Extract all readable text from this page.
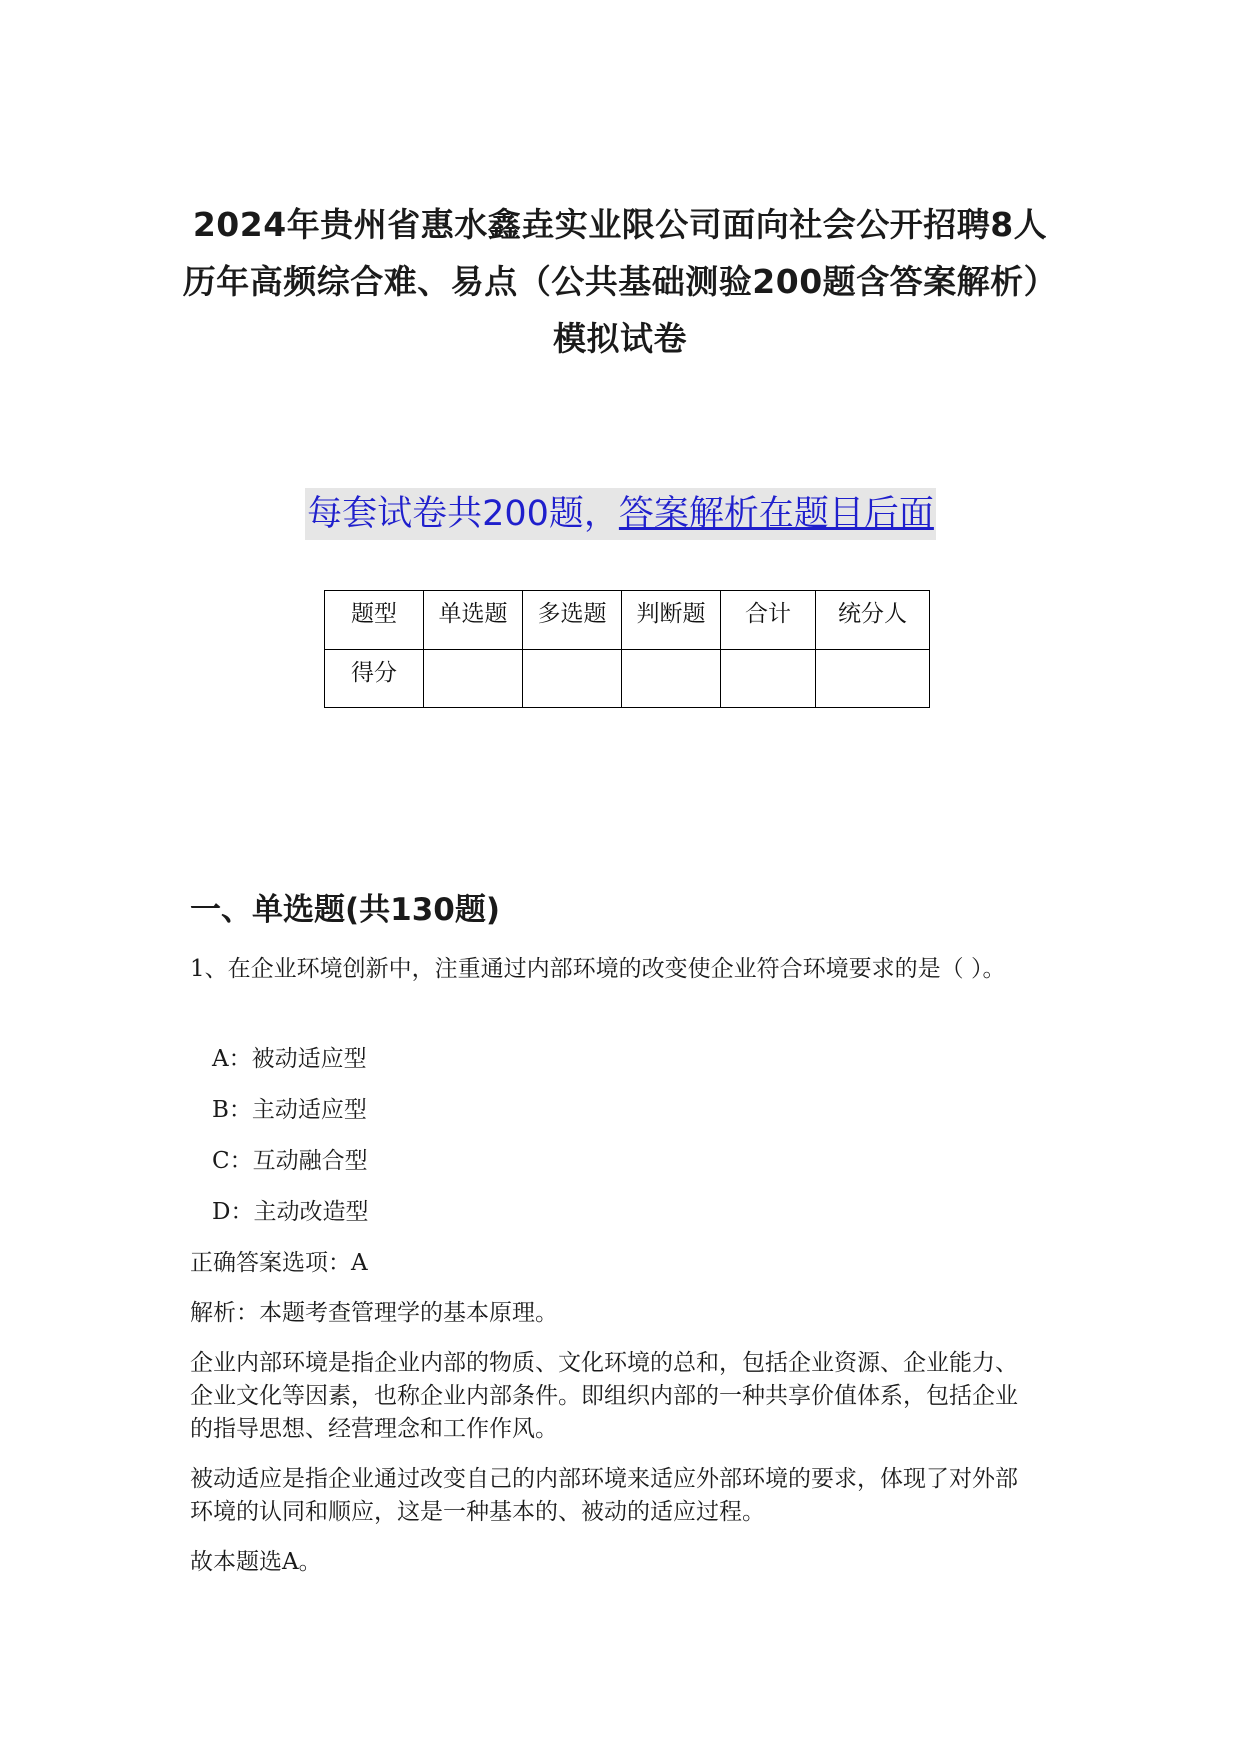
2024年贵州省惠水鑫垚实业限公司面向社会公开招聘8人历年高频综合难、易点（公共基础测验200题含答案解析）模拟试卷
每套试卷共200题，答案解析在题目后面
题型	单选题	多选题	判断题	合计	统分人
得分					
一、单选题(共130题)
1、在企业环境创新中，注重通过内部环境的改变使企业符合环境要求的是（ ）。
A：被动适应型
B：主动适应型
C：互动融合型
D：主动改造型
正确答案选项：A
解析：本题考查管理学的基本原理。
企业内部环境是指企业内部的物质、文化环境的总和，包括企业资源、企业能力、企业文化等因素，也称企业内部条件。即组织内部的一种共享价值体系，包括企业的指导思想、经营理念和工作作风。
被动适应是指企业通过改变自己的内部环境来适应外部环境的要求，体现了对外部环境的认同和顺应，这是一种基本的、被动的适应过程。
故本题选A。
